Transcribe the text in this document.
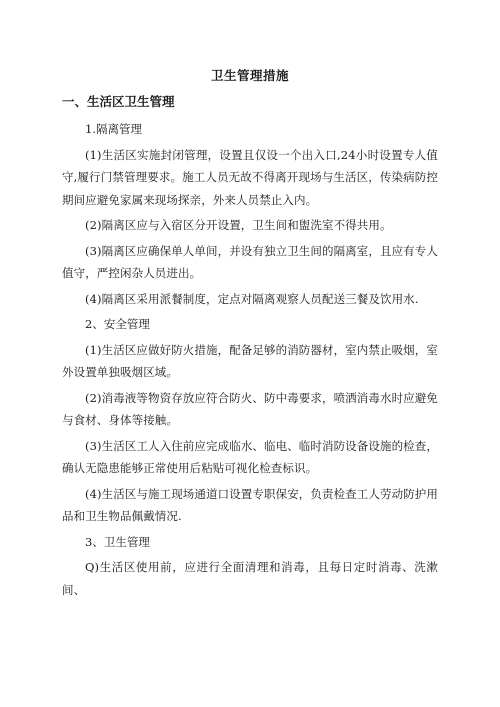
卫生管理措施
一、生活区卫生管理

1.隔离管理

(1)生活区实施封闭管理，设置且仅设一个出入口,24小时设置专人值守,履行门禁管理要求。施工人员无故不得离开现场与生活区，传染病防控期间应避免家属来现场探亲，外来人员禁止入内。

(2)隔离区应与入宿区分开设置，卫生间和盥洗室不得共用。

(3)隔离区应确保单人单间，并设有独立卫生间的隔离室，且应有专人值守，严控闲杂人员进出。

(4)隔离区采用派餐制度，定点对隔离观察人员配送三餐及饮用水.

2、安全管理

(1)生活区应做好防火措施，配备足够的消防器材，室内禁止吸烟，室外设置单独吸烟区域。

(2)消毒液等物资存放应符合防火、防中毒要求，喷洒消毒水时应避免与食材、身体等接触。

(3)生活区工人入住前应完成临水、临电、临时消防设备设施的检查，确认无隐患能够正常使用后粘贴可视化检查标识。

(4)生活区与施工现场通道口设置专职保安，负责检查工人劳动防护用品和卫生物品佩戴情况.

3、卫生管理

Q)生活区使用前，应进行全面清理和消毒，且每日定时消毒、洗漱间、
